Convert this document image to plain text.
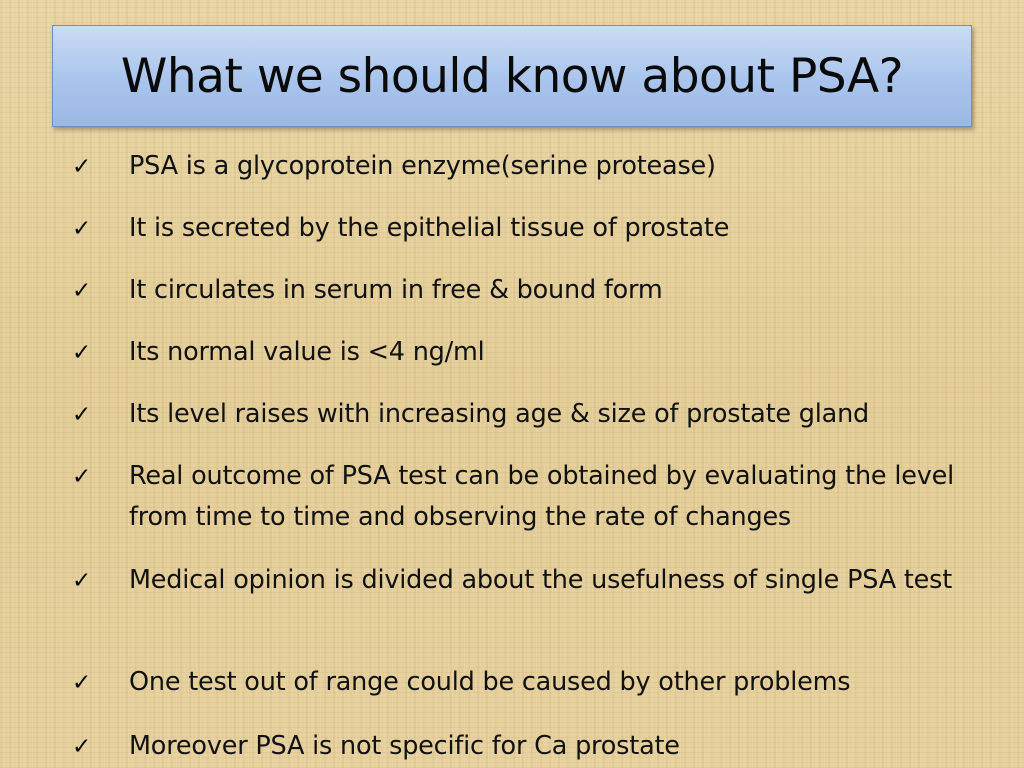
What we should know about PSA?
✓ PSA is a glycoprotein enzyme(serine protease)
✓ It is secreted by the epithelial tissue of prostate
✓ It circulates in serum in free & bound form
✓ Its normal value is <4 ng/ml
✓ Its level raises with increasing age & size of prostate gland
✓ Real outcome of PSA test can be obtained by evaluating the level from time to time and observing the rate of changes
✓ Medical opinion is divided about the usefulness of single PSA test
✓ One test out of range could be caused by other problems
✓ Moreover PSA is not specific for Ca prostate
